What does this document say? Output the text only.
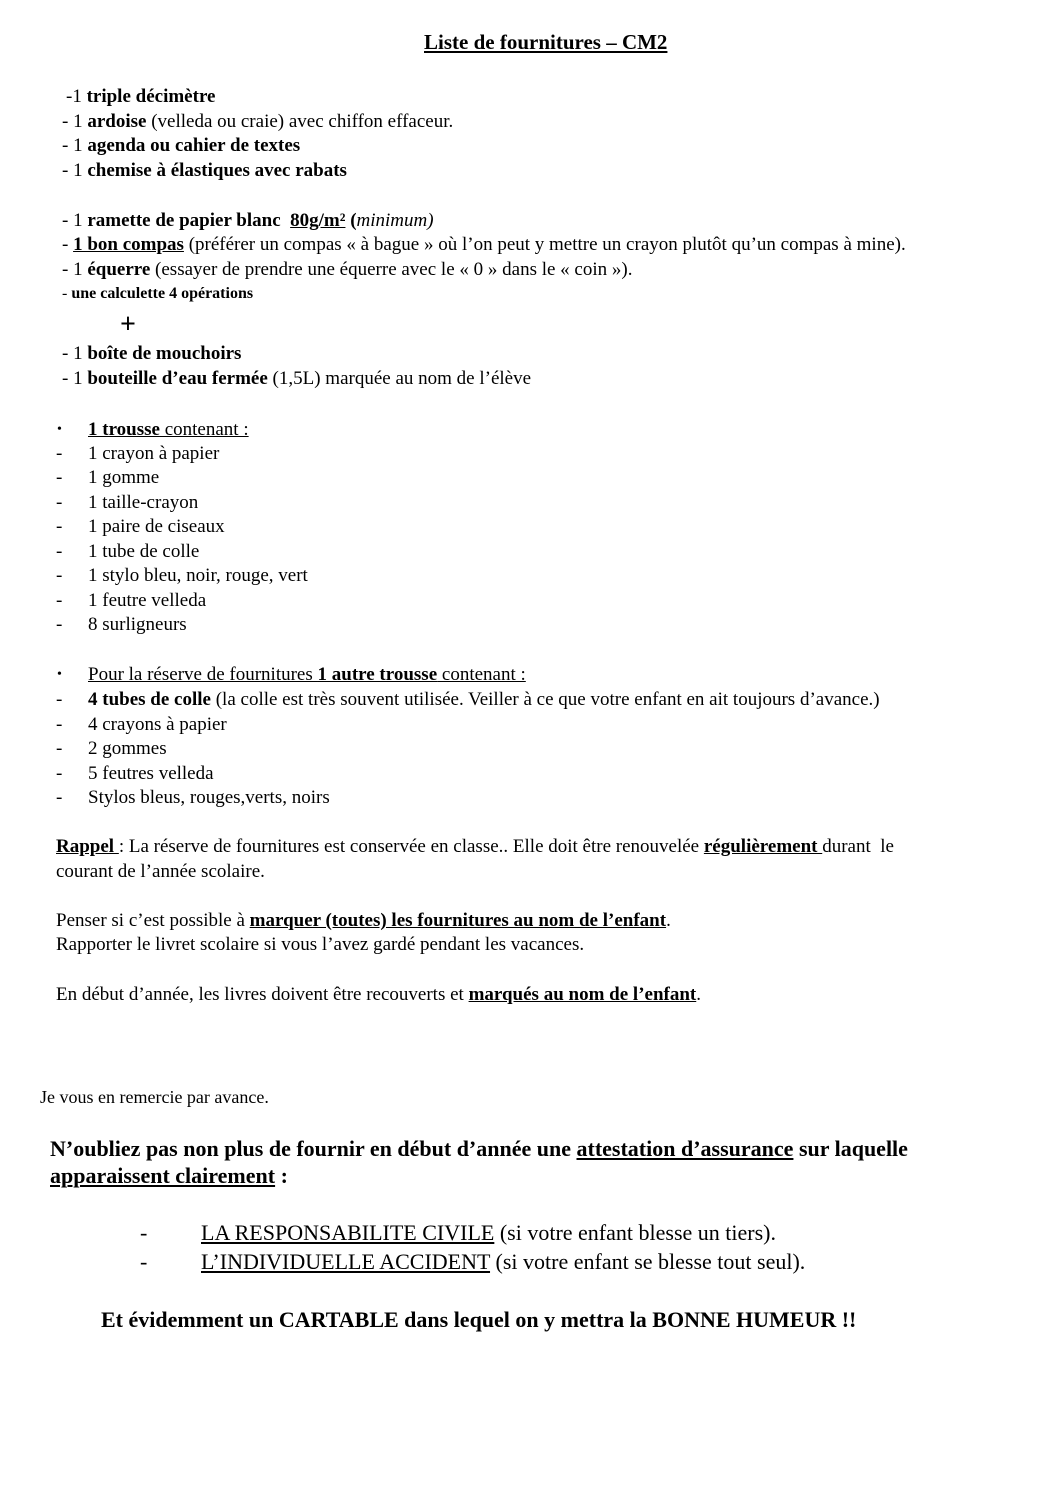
Liste de fournitures – CM2
-1 triple décimètre
- 1 ardoise (velleda ou craie) avec chiffon effaceur.
- 1 agenda ou cahier de textes
- 1 chemise à élastiques avec rabats
- 1 ramette de papier blanc 80g/m² (minimum)
- 1 bon compas (préférer un compas « à bague » où l’on peut y mettre un crayon plutôt qu’un compas à mine).
- 1 équerre (essayer de prendre une équerre avec le « 0 » dans le « coin »).
- une calculette 4 opérations
+
- 1 boîte de mouchoirs
- 1 bouteille d’eau fermée (1,5L) marquée au nom de l’élève
• 1 trousse contenant :
- 1 crayon à papier
- 1 gomme
- 1 taille-crayon
- 1 paire de ciseaux
- 1 tube de colle
- 1 stylo bleu, noir, rouge, vert
- 1 feutre velleda
- 8 surligneurs
• Pour la réserve de fournitures 1 autre trousse contenant :
- 4 tubes de colle (la colle est très souvent utilisée. Veiller à ce que votre enfant en ait toujours d’avance.)
- 4 crayons à papier
- 2 gommes
- 5 feutres velleda
- Stylos bleus, rouges,verts, noirs
Rappel : La réserve de fournitures est conservée en classe.. Elle doit être renouvelée régulièrement durant  le
courant de l’année scolaire.
Penser si c’est possible à marquer (toutes) les fournitures au nom de l’enfant.
Rapporter le livret scolaire si vous l’avez gardé pendant les vacances.
En début d’année, les livres doivent être recouverts et marqués au nom de l’enfant.
Je vous en remercie par avance.
N’oubliez pas non plus de fournir en début d’année une attestation d’assurance sur laquelle
apparaissent clairement :
- LA RESPONSABILITE CIVILE (si votre enfant blesse un tiers).
- L’INDIVIDUELLE ACCIDENT (si votre enfant se blesse tout seul).
Et évidemment un CARTABLE dans lequel on y mettra la BONNE HUMEUR !!
